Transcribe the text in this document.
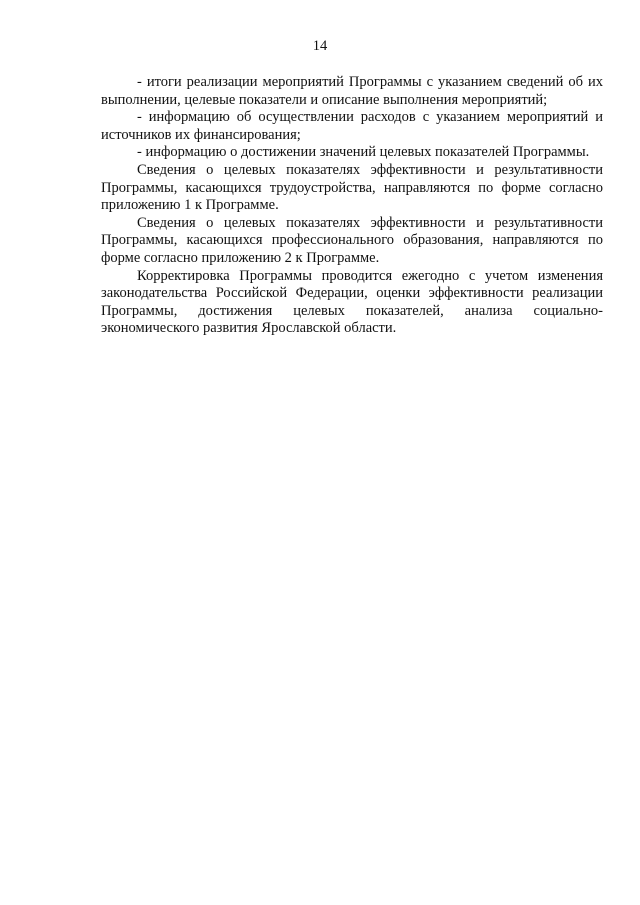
14

- итоги реализации мероприятий Программы с указанием сведений об их выполнении, целевые показатели и описание выполнения мероприятий;

- информацию об осуществлении расходов с указанием мероприятий и источников их финансирования;

- информацию о достижении значений целевых показателей Программы.

Сведения о целевых показателях эффективности и результативности Программы, касающихся трудоустройства, направляются по форме согласно приложению 1 к Программе.

Сведения о целевых показателях эффективности и результативности Программы, касающихся профессионального образования, направляются по форме согласно приложению 2 к Программе.

Корректировка Программы проводится ежегодно с учетом изменения законодательства Российской Федерации, оценки эффективности реализации Программы, достижения целевых показателей, анализа социально-экономического развития Ярославской области.
